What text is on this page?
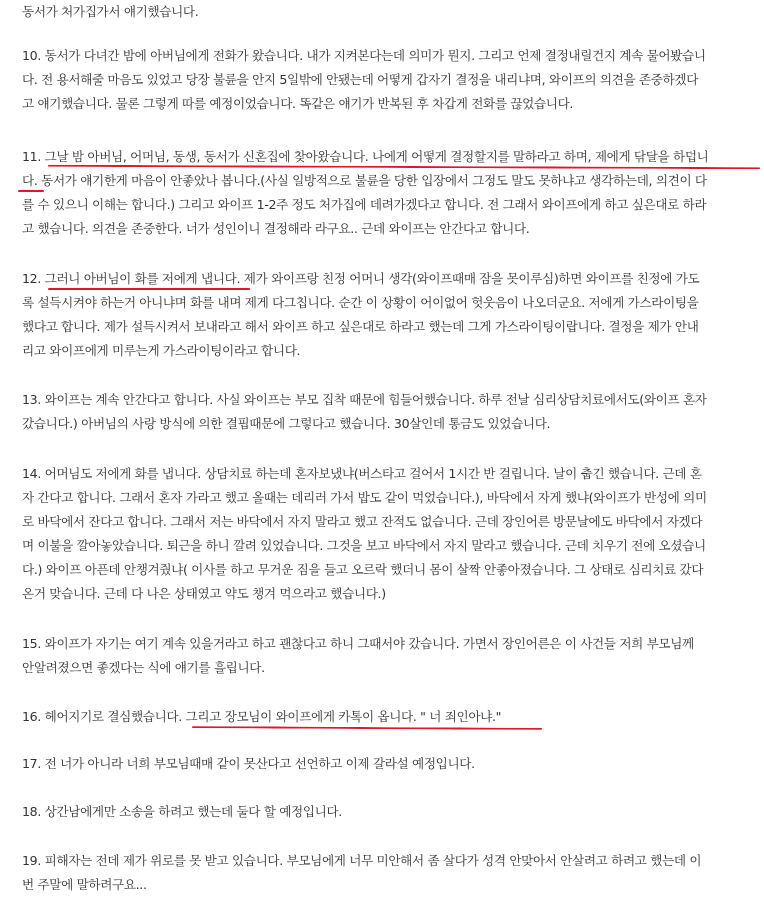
동서가 처가집가서 얘기했습니다.
10. 동서가 다녀간 밤에 아버님에게 전화가 왔습니다. 내가 지켜본다는데 의미가 뭔지. 그리고 언제 결정내릴건지 계속 물어봤습니
다. 전 용서해줄 마음도 있었고 당장 불륜을 안지 5일밖에 안됐는데 어떻게 갑자기 결정을 내리냐며, 와이프의 의견을 존중하겠다
고 얘기했습니다. 물론 그렇게 따를 예정이었습니다. 똑같은 얘기가 반복된 후 차갑게 전화를 끊었습니다.
11. 그날 밤 아버님, 어머님, 동생, 동서가 신혼집에 찾아왔습니다. 나에게 어떻게 결정할지를 말하라고 하며, 제에게 닦달을 하덥니
다. 동서가 얘기한게 마음이 안좋았나 봅니다.(사실 일방적으로 불륜을 당한 입장에서 그정도 말도 못하냐고 생각하는데, 의견이 다
를 수 있으니 이해는 합니다.) 그리고 와이프 1-2주 정도 처가집에 데려가겠다고 합니다. 전 그래서 와이프에게 하고 싶은대로 하라
고 했습니다. 의견을 존중한다. 너가 성인이니 결정해라 라구요.. 근데 와이프는 안간다고 합니다.
12. 그러니 아버님이 화를 저에게 냅니다. 제가 와이프랑 친정 어머니 생각(와이프때매 잠을 못이루심)하면 와이프를 친정에 가도
록 설득시켜야 하는거 아니냐며 화를 내며 제게 다그칩니다. 순간 이 상황이 어이없어 헛웃음이 나오더군요. 저에게 가스라이팅을
했다고 합니다. 제가 설득시켜서 보내라고 해서 와이프 하고 싶은대로 하라고 했는데 그게 가스라이팅이랍니다. 결정을 제가 안내
리고 와이프에게 미루는게 가스라이팅이라고 합니다.
13. 와이프는 계속 안간다고 합니다. 사실 와이프는 부모 집착 때문에 힘들어했습니다. 하루 전날 심리상담치료에서도(와이프 혼자
갔습니다.) 아버님의 사랑 방식에 의한 결핍때문에 그렇다고 했습니다. 30살인데 통금도 있었습니다.
14. 어머님도 저에게 화를 냅니다. 상담치료 하는데 혼자보냈냐(버스타고 걸어서 1시간 반 걸립니다. 날이 춥긴 했습니다. 근데 혼
자 간다고 합니다. 그래서 혼자 가라고 했고 올때는 데리러 가서 밥도 같이 먹었습니다.), 바닥에서 자게 했냐(와이프가 반성에 의미
로 바닥에서 잔다고 합니다. 그래서 저는 바닥에서 자지 말라고 했고 잔적도 없습니다. 근데 장인어른 방문날에도 바닥에서 자겠다
며 이불을 깔아놓았습니다. 퇴근을 하니 깔려 있었습니다. 그것을 보고 바닥에서 자지 말라고 했습니다. 근데 치우기 전에 오셨습니
다.) 와이프 아픈데 안챙겨줬냐( 이사를 하고 무거운 짐을 들고 오르락 했더니 몸이 살짝 안좋아졌습니다. 그 상태로 심리치료 갔다
온거 맞습니다. 근데 다 나은 상태였고 약도 챙겨 먹으라고 했습니다.)
15. 와이프가 자기는 여기 계속 있을거라고 하고 괜찮다고 하니 그때서야 갔습니다. 가면서 장인어른은 이 사건들 저희 부모님께
안알려졌으면 좋겠다는 식에 얘기를 흘립니다.
16. 헤어지기로 결심했습니다. 그리고 장모님이 와이프에게 카톡이 옵니다. " 너 죄인아냐."
17. 전 너가 아니라 너희 부모님때매 같이 못산다고 선언하고 이제 갈라설 예정입니다.
18. 상간남에게만 소송을 하려고 했는데 둘다 할 예정입니다.
19. 피해자는 전데 제가 위로를 못 받고 있습니다. 부모님에게 너무 미안해서 좀 살다가 성격 안맞아서 안살려고 하려고 했는데 이
번 주말에 말하려구요...
